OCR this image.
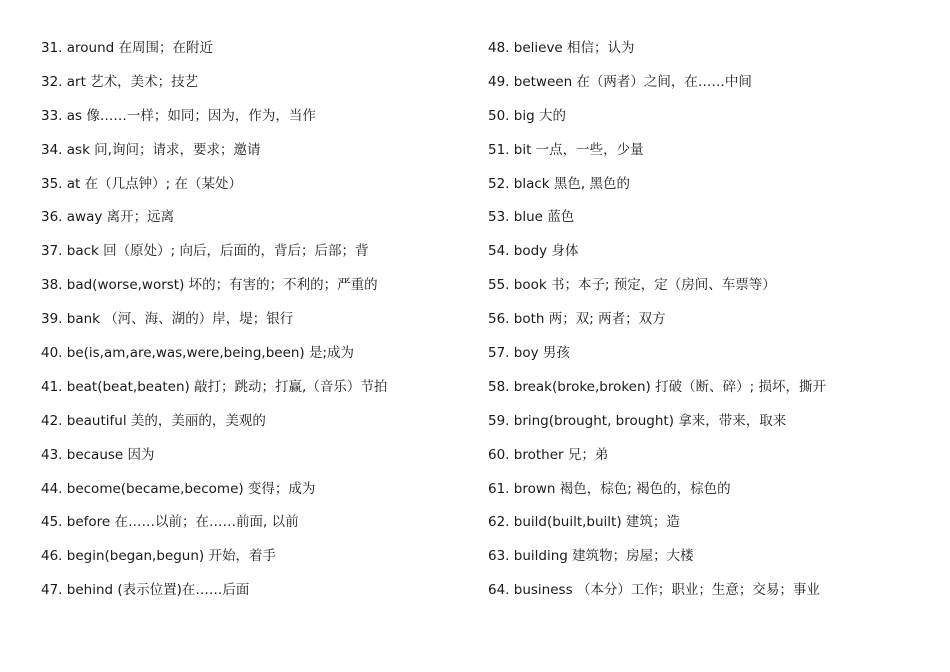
31. around 在周围；在附近
32. art 艺术，美术；技艺
33. as 像……一样；如同；因为，作为，当作
34. ask 问,询问；请求，要求；邀请
35. at 在（几点钟）; 在（某处）
36. away 离开；远离
37. back 回（原处）; 向后，后面的，背后；后部；背
38. bad(worse,worst) 坏的；有害的；不利的；严重的
39. bank （河、海、湖的）岸，堤；银行
40. be(is,am,are,was,were,being,been) 是;成为
41. beat(beat,beaten) 敲打；跳动；打赢,（音乐）节拍
42. beautiful 美的，美丽的，美观的
43. because 因为
44. become(became,become) 变得；成为
45. before 在……以前；在……前面, 以前
46. begin(began,begun) 开始，着手
47. behind (表示位置)在……后面
48. believe 相信；认为
49. between 在（两者）之间，在……中间
50. big 大的
51. bit 一点，一些，少量
52. black 黑色, 黑色的
53. blue 蓝色
54. body 身体
55. book 书；本子; 预定，定（房间、车票等）
56. both 两；双; 两者；双方
57. boy 男孩
58. break(broke,broken) 打破（断、碎）; 损坏，撕开
59. bring(brought, brought) 拿来，带来，取来
60. brother 兄；弟
61. brown 褐色，棕色; 褐色的，棕色的
62. build(built,built) 建筑；造
63. building 建筑物；房屋；大楼
64. business （本分）工作；职业；生意；交易；事业
